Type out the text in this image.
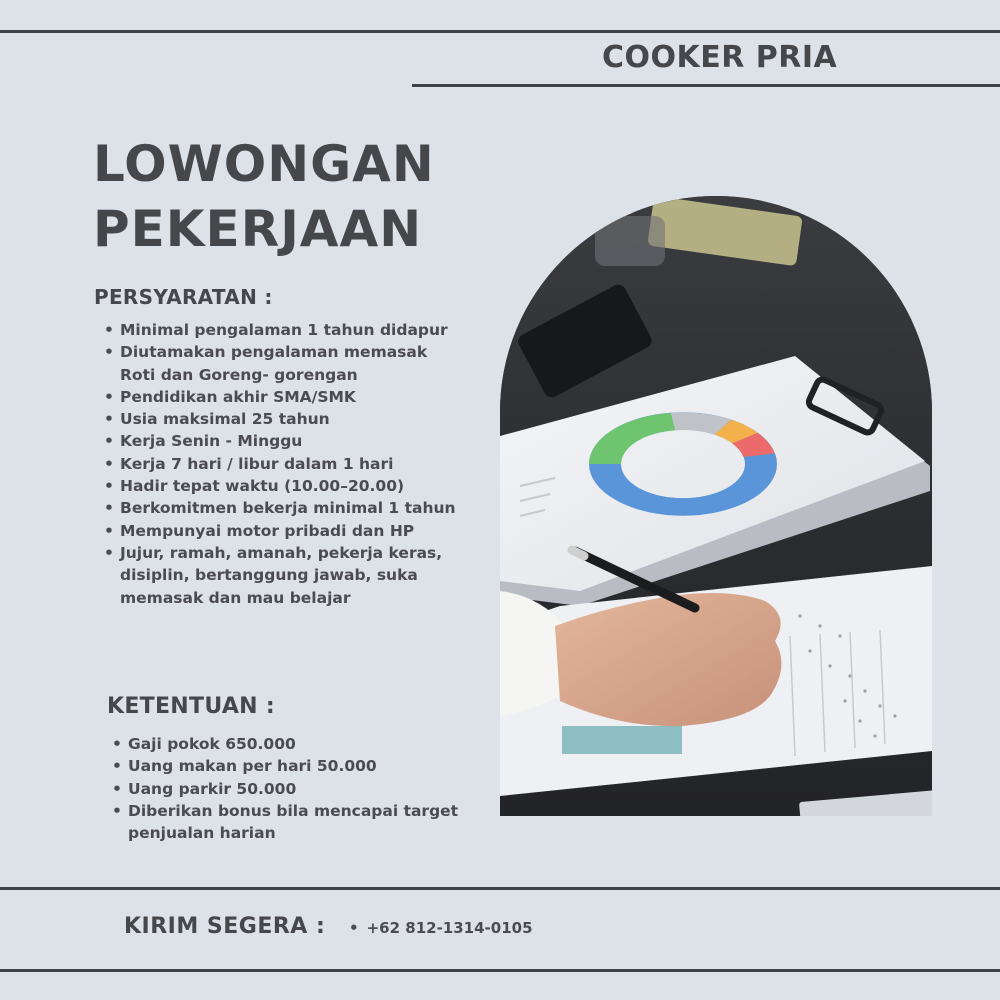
COOKER PRIA
LOWONGAN
PEKERJAAN
PERSYARATAN :
• Minimal pengalaman 1 tahun didapur
• Diutamakan pengalaman memasak Roti dan Goreng- gorengan
• Pendidikan akhir SMA/SMK
• Usia maksimal 25 tahun
• Kerja Senin - Minggu
• Kerja 7 hari / libur dalam 1 hari
• Hadir tepat waktu (10.00–20.00)
• Berkomitmen bekerja minimal 1 tahun
• Mempunyai motor pribadi dan HP
• Jujur, ramah, amanah, pekerja keras, disiplin, bertanggung jawab, suka memasak dan mau belajar
KETENTUAN :
• Gaji pokok 650.000
• Uang makan per hari 50.000
• Uang parkir 50.000
• Diberikan bonus bila mencapai target penjualan harian
KIRIM SEGERA : • +62 812-1314-0105
